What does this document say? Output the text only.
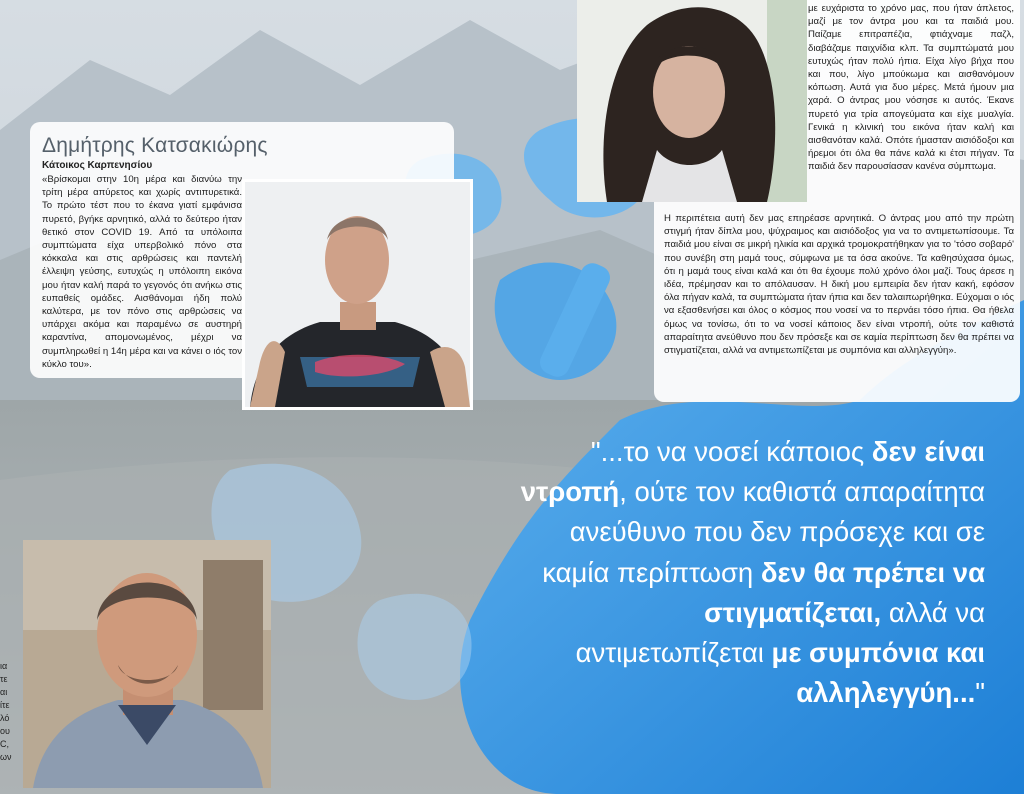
Δημήτρης Κατσακιώρης
Κάτοικος Καρπενησίου

«Βρίσκομαι στην 10η μέρα και διανύω την τρίτη μέρα απύρετος και χωρίς αντιπυρετικά. Το πρώτο τέστ που το έκανα γιατί εμφάνισα πυρετό, βγήκε αρνητικό, αλλά το δεύτερο ήταν θετικό στον COVID 19. Από τα υπόλοιπα συμπτώματα είχα υπερβολικό πόνο στα κόκκαλα και στις αρθρώσεις και παντελή έλλειψη γεύσης, ευτυχώς η υπόλοιπη εικόνα μου ήταν καλή παρά το γεγονός ότι ανήκω στις ευπαθείς ομάδες. Αισθάνομαι ήδη πολύ καλύτερα, με τον πόνο στις αρθρώσεις να υπάρχει ακόμα και παραμένω σε αυστηρή καραντίνα, απομονωμένος, μέχρι να συμπληρωθεί η 14η μέρα και να κάνει ο ιός τον κύκλο του».

με ευχάριστα το χρόνο μας, που ήταν άπλετος, μαζί με τον άντρα μου και τα παιδιά μου. Παίζαμε επιτραπέζια, φτιάχναμε παζλ, διαβάζαμε παιχνίδια κλπ. Τα συμπτώματά μου ευτυχώς ήταν πολύ ήπια. Είχα λίγο βήχα που και που, λίγο μπούκωμα και αισθανόμουν κόπωση. Αυτά για δυο μέρες. Μετά ήμουν μια χαρά. Ο άντρας μου νόσησε κι αυτός. Έκανε πυρετό για τρία απογεύματα και είχε μυαλγία. Γενικά η κλινική του εικόνα ήταν καλή και αισθανόταν καλά. Οπότε ήμασταν αισιόδοξοι και ήρεμοι ότι όλα θα πάνε καλά κι έτσι πήγαν. Τα παιδιά δεν παρουσίασαν κανένα σύμπτωμα.

Η περιπέτεια αυτή δεν μας επηρέασε αρνητικά. Ο άντρας μου από την πρώτη στιγμή ήταν δίπλα μου, ψύχραιμος και αισιόδοξος για να το αντιμετωπίσουμε. Τα παιδιά μου είναι σε μικρή ηλικία και αρχικά τρομοκρατήθηκαν για το 'τόσο σοβαρό' που συνέβη στη μαμά τους, σύμφωνα με τα όσα ακούνε. Τα καθησύχασα όμως, ότι η μαμά τους είναι καλά και ότι θα έχουμε πολύ χρόνο όλοι μαζί. Τους άρεσε η ιδέα, πρέμησαν και το απόλαυσαν. Η δική μου εμπειρία δεν ήταν κακή, εφόσον όλα πήγαν καλά, τα συμπτώματα ήταν ήπια και δεν ταλαιπωρήθηκα. Εύχομαι ο ιός να εξασθενήσει και όλος ο κόσμος που νοσεί να το περνάει τόσο ήπια. Θα ήθελα όμως να τονίσω, ότι το να νοσεί κάποιος δεν είναι ντροπή, ούτε τον καθιστά απαραίτητα ανεύθυνο που δεν πρόσεξε και σε καμία περίπτωση δεν θα πρέπει να στιγματίζεται, αλλά να αντιμετωπίζεται με συμπόνια και αλληλεγγύη».

"...το να νοσεί κάποιος δεν είναι ντροπή, ούτε τον καθιστά απαραίτητα ανεύθυνο που δεν πρόσεχε και σε καμία περίπτωση δεν θα πρέπει να στιγματίζεται, αλλά να αντιμετωπίζεται με συμπόνια και αλληλεγγύη..."
ια
τε
αι
ίτε
λό
ου
C,
ων
